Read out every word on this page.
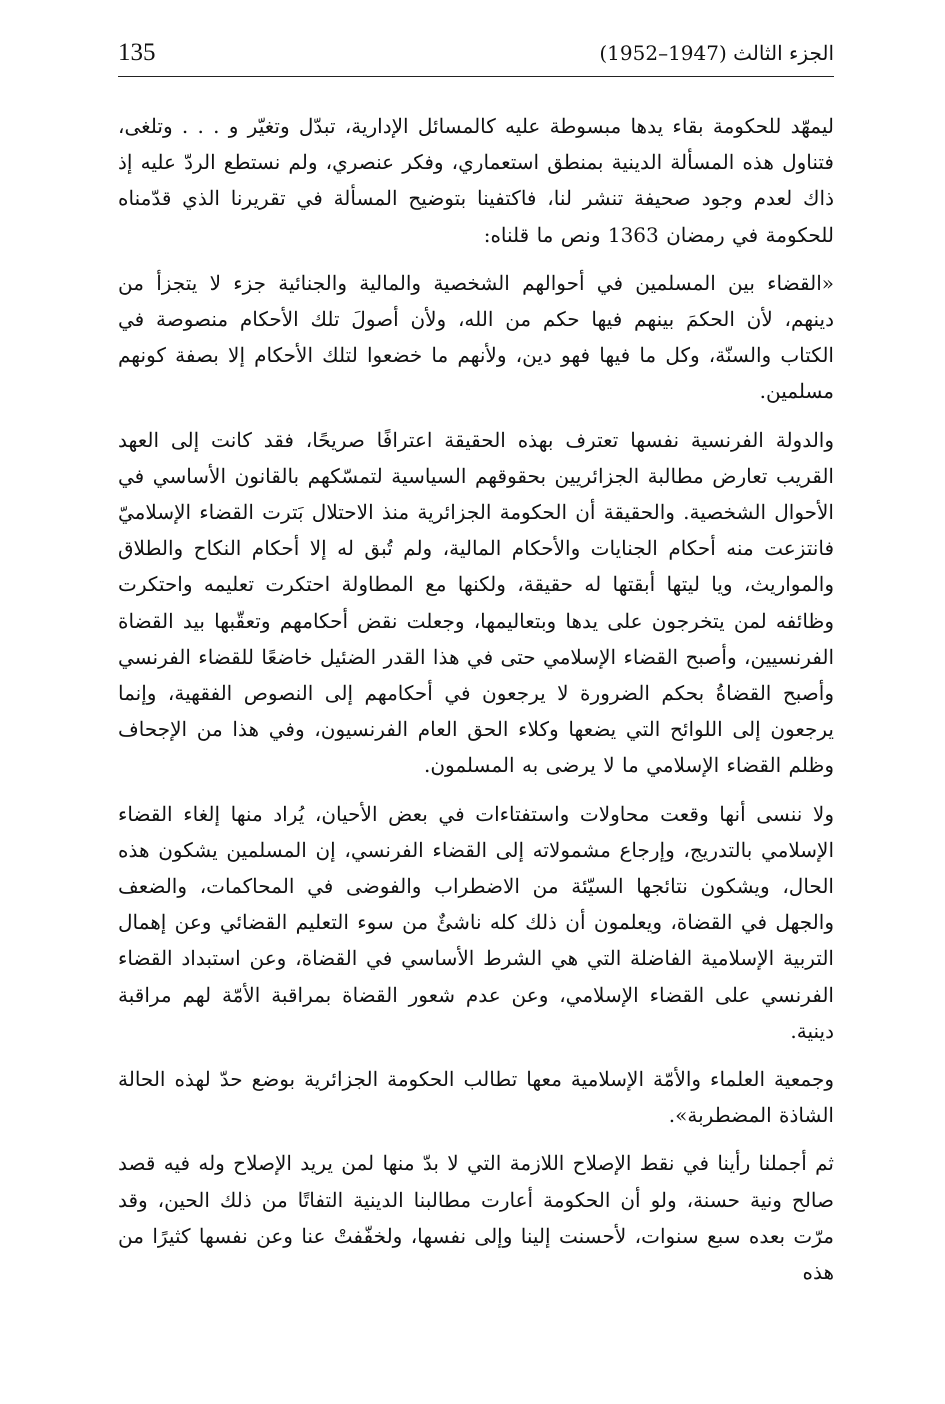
135	الجزء الثالث (1947–1952)

ليمهّد للحكومة بقاء يدها مبسوطة عليه كالمسائل الإدارية، تبدّل وتغيّر و . . . وتلغى، فتناول هذه المسألة الدينية بمنطق استعماري، وفكر عنصري، ولم نستطع الردّ عليه إذ ذاك لعدم وجود صحيفة تنشر لنا، فاكتفينا بتوضيح المسألة في تقريرنا الذي قدّمناه للحكومة في رمضان 1363 ونص ما قلناه:

«القضاء بين المسلمين في أحوالهم الشخصية والمالية والجنائية جزء لا يتجزأ من دينهم، لأن الحكمَ بينهم فيها حكم من الله، ولأن أصولَ تلك الأحكام منصوصة في الكتاب والسنّة، وكل ما فيها فهو دين، ولأنهم ما خضعوا لتلك الأحكام إلا بصفة كونهم مسلمين.

والدولة الفرنسية نفسها تعترف بهذه الحقيقة اعترافًا صريحًا، فقد كانت إلى العهد القريب تعارض مطالبة الجزائريين بحقوقهم السياسية لتمسّكهم بالقانون الأساسي في الأحوال الشخصية. والحقيقة أن الحكومة الجزائرية منذ الاحتلال بَترت القضاء الإسلاميّ فانتزعت منه أحكام الجنايات والأحكام المالية، ولم تُبق له إلا أحكام النكاح والطلاق والمواريث، ويا ليتها أبقتها له حقيقة، ولكنها مع المطاولة احتكرت تعليمه واحتكرت وظائفه لمن يتخرجون على يدها وبتعاليمها، وجعلت نقض أحكامهم وتعقّبها بيد القضاة الفرنسيين، وأصبح القضاء الإسلامي حتى في هذا القدر الضئيل خاضعًا للقضاء الفرنسي وأصبح القضاةُ بحكم الضرورة لا يرجعون في أحكامهم إلى النصوص الفقهية، وإنما يرجعون إلى اللوائح التي يضعها وكلاء الحق العام الفرنسيون، وفي هذا من الإجحاف وظلم القضاء الإسلامي ما لا يرضى به المسلمون.

ولا ننسى أنها وقعت محاولات واستفتاءات في بعض الأحيان، يُراد منها إلغاء القضاء الإسلامي بالتدريج، وإرجاع مشمولاته إلى القضاء الفرنسي، إن المسلمين يشكون هذه الحال، ويشكون نتائجها السيّئة من الاضطراب والفوضى في المحاكمات، والضعف والجهل في القضاة، ويعلمون أن ذلك كله ناشئٌ من سوء التعليم القضائي وعن إهمال التربية الإسلامية الفاضلة التي هي الشرط الأساسي في القضاة، وعن استبداد القضاء الفرنسي على القضاء الإسلامي، وعن عدم شعور القضاة بمراقبة الأمّة لهم مراقبة دينية.

وجمعية العلماء والأمّة الإسلامية معها تطالب الحكومة الجزائرية بوضع حدّ لهذه الحالة الشاذة المضطربة».

ثم أجملنا رأينا في نقط الإصلاح اللازمة التي لا بدّ منها لمن يريد الإصلاح وله فيه قصد صالح ونية حسنة، ولو أن الحكومة أعارت مطالبنا الدينية التفاتًا من ذلك الحين، وقد مرّت بعده سبع سنوات، لأحسنت إلينا وإلى نفسها، ولخفّفتْ عنا وعن نفسها كثيرًا من هذه
